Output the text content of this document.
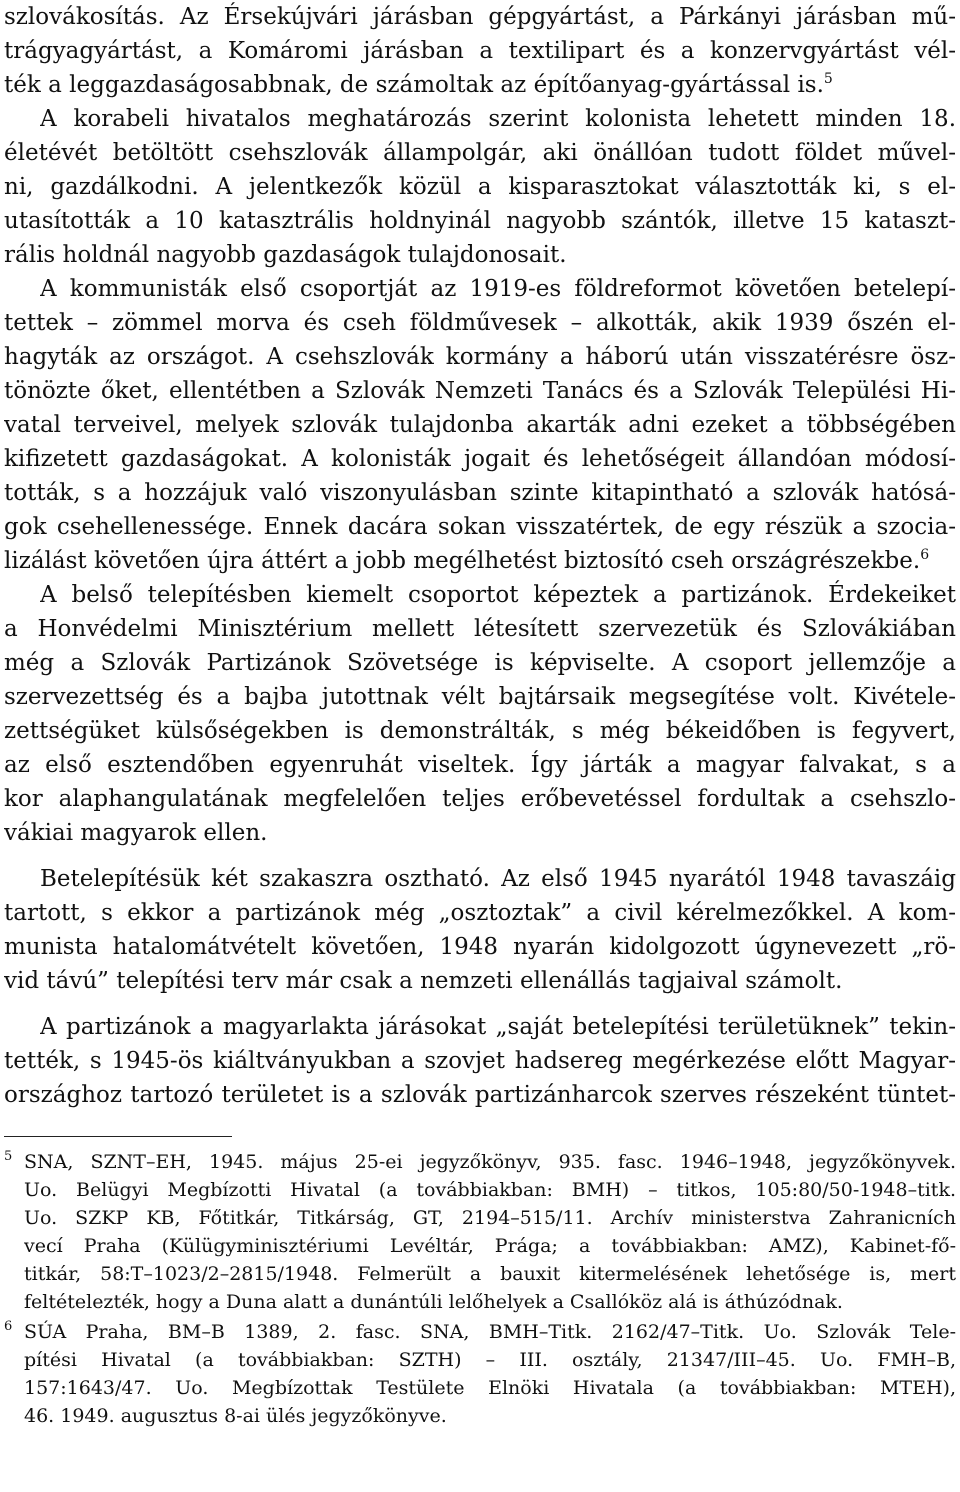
szlovákosítás. Az Érsekújvári járásban gépgyártást, a Párkányi járásban mű-
trágyagyártást, a Komáromi járásban a textilipart és a konzervgyártást vél-
ték a leggazdaságosabbnak, de számoltak az építőanyag-gyártással is.$^5$
A korabeli hivatalos meghatározás szerint kolonista lehetett minden 18.
életévét betöltött csehszlovák állampolgár, aki önállóan tudott földet művel-
ni, gazdálkodni. A jelentkezők közül a kisparasztokat választották ki, s el-
utasították a 10 katasztrális holdnyinál nagyobb szántók, illetve 15 kataszt-
rális holdnál nagyobb gazdaságok tulajdonosait.
A kommunisták első csoportját az 1919-es földreformot követően betelepí-
tettek – zömmel morva és cseh földművesek – alkották, akik 1939 őszén el-
hagyták az országot. A csehszlovák kormány a háború után visszatérésre ösz-
tönözte őket, ellentétben a Szlovák Nemzeti Tanács és a Szlovák Települési Hi-
vatal terveivel, melyek szlovák tulajdonba akarták adni ezeket a többségében
kifizetett gazdaságokat. A kolonisták jogait és lehetőségeit állandóan módosí-
tották, s a hozzájuk való viszonyulásban szinte kitapintható a szlovák hatósá-
gok csehellenessége. Ennek dacára sokan visszatértek, de egy részük a szocia-
lizálást követően újra áttért a jobb megélhetést biztosító cseh országrészekbe.$^6$
A belső telepítésben kiemelt csoportot képeztek a partizánok. Érdekeiket
a Honvédelmi Minisztérium mellett létesített szervezetük és Szlovákiában
még a Szlovák Partizánok Szövetsége is képviselte. A csoport jellemzője a
szervezettség és a bajba jutottnak vélt bajtársaik megsegítése volt. Kivétele-
zettségüket külsőségekben is demonstrálták, s még békeidőben is fegyvert,
az első esztendőben egyenruhát viseltek. Így járták a magyar falvakat, s a
kor alaphangulatának megfelelően teljes erőbevetéssel fordultak a csehszlo-
vákiai magyarok ellen.
Betelepítésük két szakaszra osztható. Az első 1945 nyarától 1948 tavaszáig
tartott, s ekkor a partizánok még „osztoztak” a civil kérelmezőkkel. A kom-
munista hatalomátvételt követően, 1948 nyarán kidolgozott úgynevezett „rö-
vid távú” telepítési terv már csak a nemzeti ellenállás tagjaival számolt.
A partizánok a magyarlakta járásokat „saját betelepítési területüknek” tekin-
tették, s 1945-ös kiáltványukban a szovjet hadsereg megérkezése előtt Magyar-
országhoz tartozó területet is a szlovák partizánharcok szerves részeként tüntet-
5 SNA, SZNT–EH, 1945. május 25-ei jegyzőkönyv, 935. fasc. 1946–1948, jegyzőkönyvek.
Uo. Belügyi Megbízotti Hivatal (a továbbiakban: BMH) – titkos, 105:80/50-1948–titk.
Uo. SZKP KB, Főtitkár, Titkárság, GT, 2194–515/11. Archív ministerstva Zahranicních
vecí Praha (Külügyminisztériumi Levéltár, Prága; a továbbiakban: AMZ), Kabinet-fő-
titkár, 58:T–1023/2–2815/1948. Felmerült a bauxit kitermelésének lehetősége is, mert
feltételezték, hogy a Duna alatt a dunántúli lelőhelyek a Csallóköz alá is áthúzódnak.
6 SÚA Praha, BM–B 1389, 2. fasc. SNA, BMH–Titk. 2162/47–Titk. Uo. Szlovák Tele-
pítési Hivatal (a továbbiakban: SZTH) – III. osztály, 21347/III–45. Uo. FMH–B,
157:1643/47. Uo. Megbízottak Testülete Elnöki Hivatala (a továbbiakban: MTEH),
46. 1949. augusztus 8-ai ülés jegyzőkönyve.
